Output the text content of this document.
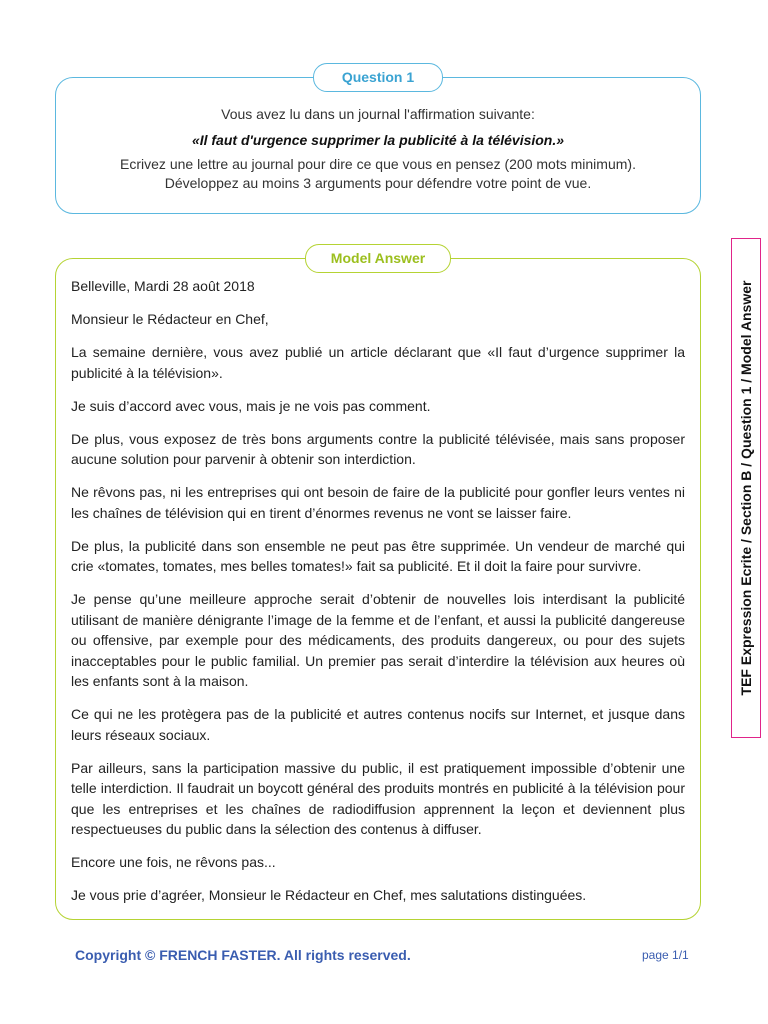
Question 1

Vous avez lu dans un journal l'affirmation suivante:

«Il faut d'urgence supprimer la publicité à la télévision.»

Ecrivez une lettre au journal pour dire ce que vous en pensez (200 mots minimum).

Développez au moins 3 arguments pour défendre votre point de vue.

Model Answer

Belleville, Mardi 28 août 2018

Monsieur le Rédacteur en Chef,

La semaine dernière, vous avez publié un article déclarant que «Il faut d’urgence supprimer la publicité à la télévision».

Je suis d’accord avec vous, mais je ne vois pas comment.

De plus, vous exposez de très bons arguments contre la publicité télévisée, mais sans proposer aucune solution pour parvenir à obtenir son interdiction.

Ne rêvons pas, ni les entreprises qui ont besoin de faire de la publicité pour gonfler leurs ventes ni les chaînes de télévision qui en tirent d’énormes revenus ne vont se laisser faire.

De plus, la publicité dans son ensemble ne peut pas être supprimée. Un vendeur de marché qui crie «tomates, tomates, mes belles tomates!» fait sa publicité. Et il doit la faire pour survivre.

Je pense qu’une meilleure approche serait d’obtenir de nouvelles lois interdisant la publicité utilisant de manière dénigrante l’image de la femme et de l’enfant, et aussi la publicité dangereuse ou offensive, par exemple pour des médicaments, des produits dangereux, ou pour des sujets inacceptables pour le public familial. Un premier pas serait d’interdire la télévision aux heures où les enfants sont à la maison.

Ce qui ne les protègera pas de la publicité et autres contenus nocifs sur Internet, et jusque dans leurs réseaux sociaux.

Par ailleurs, sans la participation massive du public, il est pratiquement impossible d’obtenir une telle interdiction. Il faudrait un boycott général des produits montrés en publicité à la télévision pour que les entreprises et les chaînes de radiodiffusion apprennent la leçon et deviennent plus respectueuses du public dans la sélection des contenus à diffuser.

Encore une fois, ne rêvons pas...

Je vous prie d’agréer, Monsieur le Rédacteur en Chef, mes salutations distinguées.

TEF Expression Ecrite / Section B / Question 1 / Model Answer
Copyright © FRENCH FASTER. All rights reserved.	page 1/1
